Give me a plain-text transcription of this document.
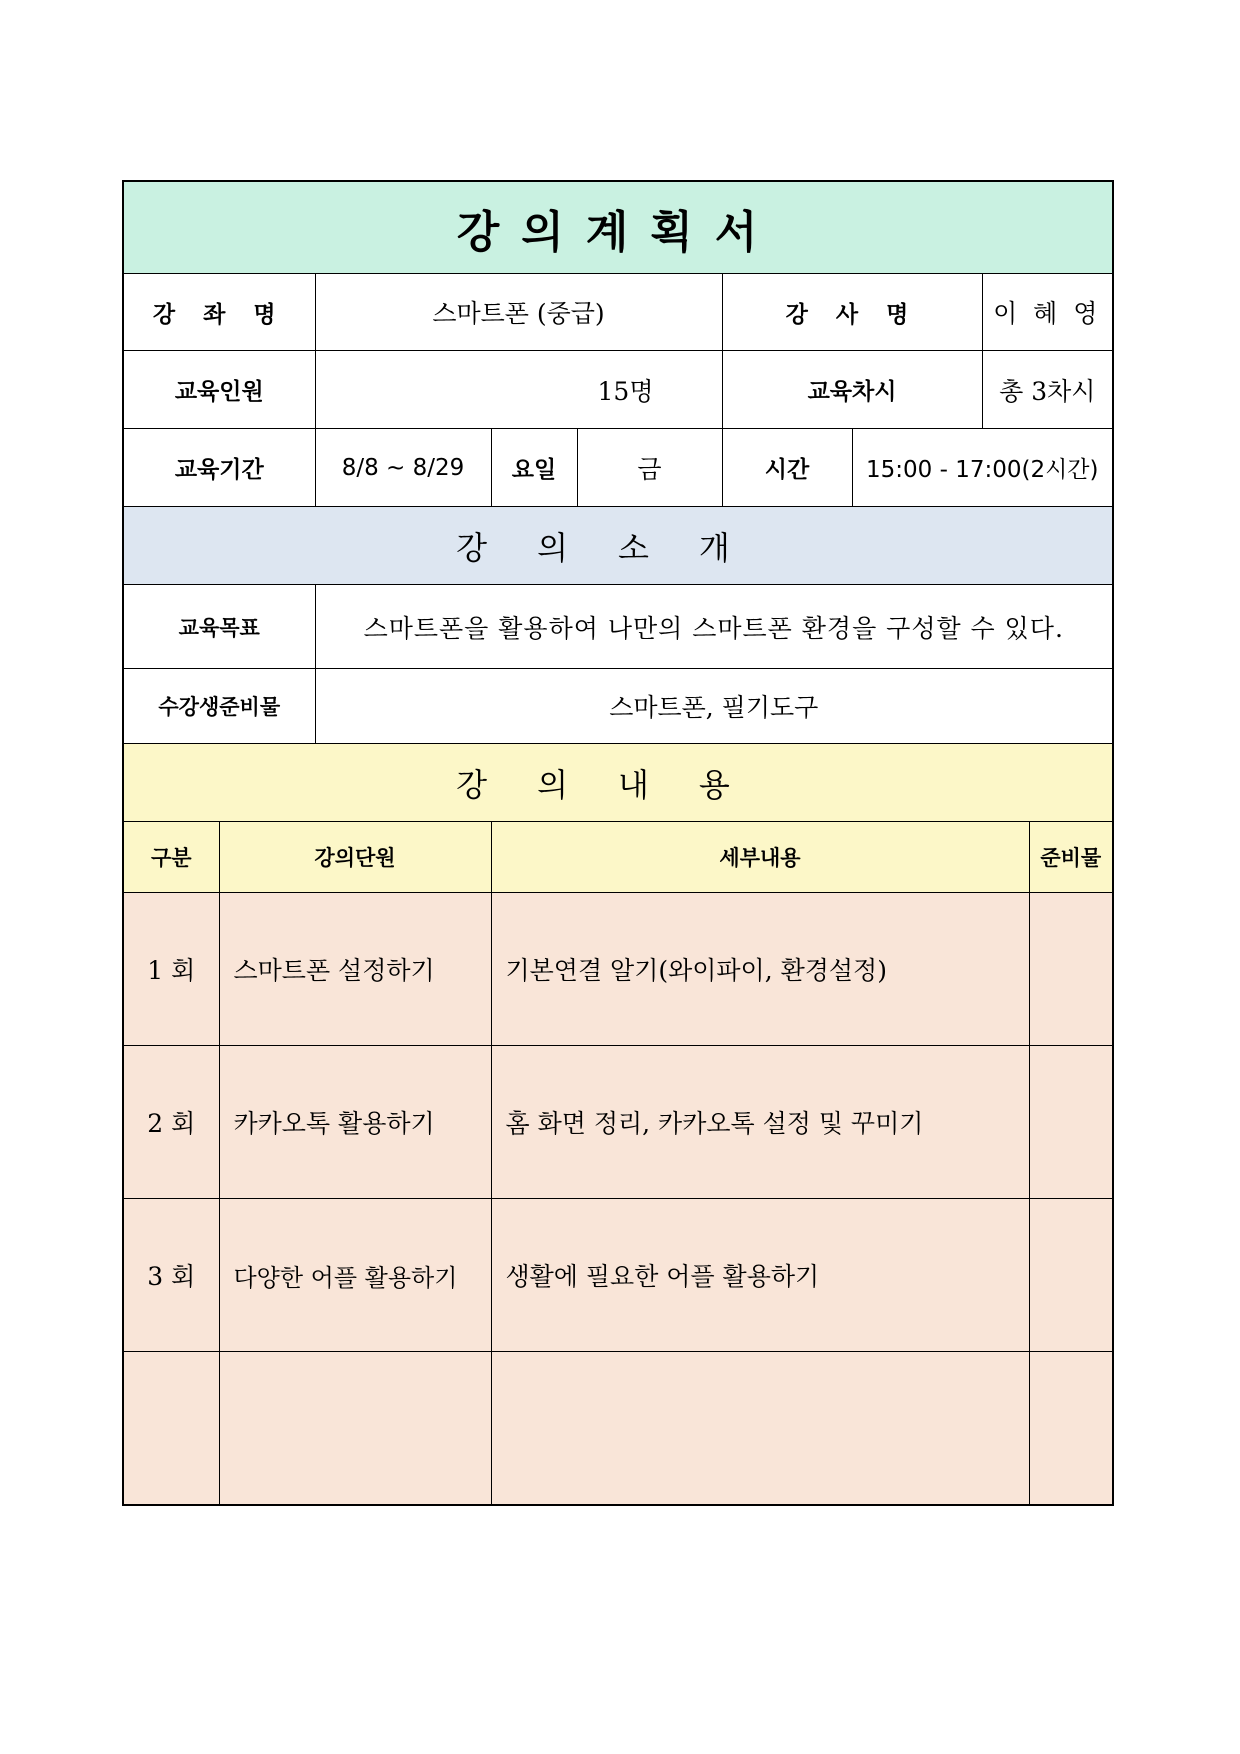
강의계획서								
강 좌 명		스마트폰 (중급)			강 사 명		이 혜 영	
교육인원		15명			교육차시		총 3차시	
교육기간		8/8 ~ 8/29	요일	금	시간	15:00 - 17:00(2시간)		
강의소개								
교육목표		스마트폰을 활용하여 나만의 스마트폰 환경을 구성할 수 있다.						
수강생준비물		스마트폰, 필기도구						
강의내용								
구분	강의단원		세부내용					준비물
1 회	스마트폰 설정하기		기본연결 알기(와이파이, 환경설정)					
2 회	카카오톡 활용하기		홈 화면 정리, 카카오톡 설정 및 꾸미기					
3 회	다양한 어플 활용하기		생활에 필요한 어플 활용하기					
